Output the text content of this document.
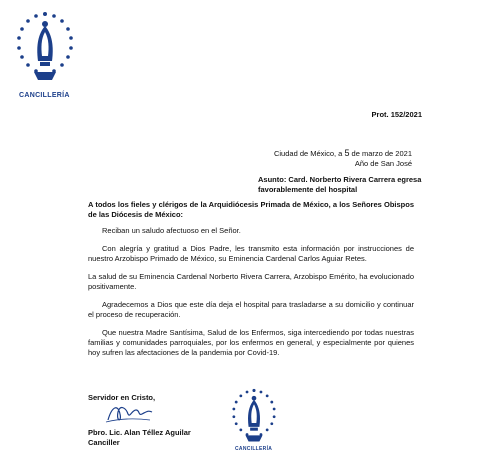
CANCILLERÍA
Prot. 152/2021
Ciudad de México, a 5 de marzo de 2021
Año de San José
Asunto: Card. Norberto Rivera Carrera egresa favorablemente del hospital

A todos los fieles y clérigos de la Arquidiócesis Primada de México, a los Señores Obispos de las Diócesis de México:

Reciban un saludo afectuoso en el Señor.

Con alegría y gratitud a Dios Padre, les transmito esta información por instrucciones de nuestro Arzobispo Primado de México, su Eminencia Cardenal Carlos Aguiar Retes.

La salud de su Eminencia Cardenal Norberto Rivera Carrera, Arzobispo Emérito, ha evolucionado positivamente.

Agradecemos a Dios que este día deja el hospital para trasladarse a su domicilio y continuar el proceso de recuperación.

Que nuestra Madre Santísima, Salud de los Enfermos, siga intercediendo por todas nuestras familias y comunidades parroquiales, por los enfermos en general, y especialmente por quienes hoy sufren las afectaciones de la pandemia por Covid-19.

Servidor en Cristo,
Pbro. Lic. Alan Téllez Aguilar
Canciller
CANCILLERÍA
